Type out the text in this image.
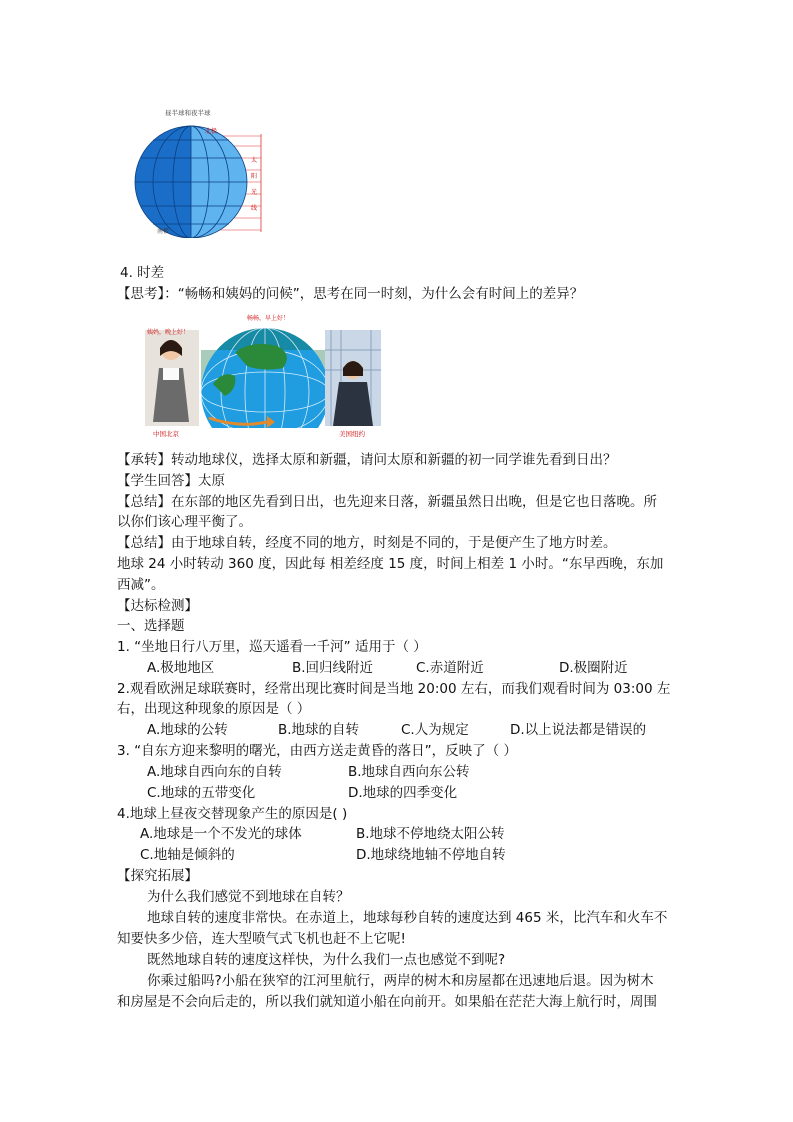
昼半球和夜半球
北极
南极
太
阳
光
线
姨妈，晚上好！
中国北京
畅畅，早上好！
美国纽约
4. 时差
【思考】：“畅畅和姨妈的问候”，思考在同一时刻，为什么会有时间上的差异？
【承转】转动地球仪，选择太原和新疆，请问太原和新疆的初一同学谁先看到日出？
【学生回答】太原
【总结】在东部的地区先看到日出，也先迎来日落，新疆虽然日出晚，但是它也日落晚。所
以你们该心理平衡了。
【总结】由于地球自转，经度不同的地方，时刻是不同的，于是便产生了地方时差。
地球 24 小时转动 360 度，因此每 相差经度 15 度，时间上相差 1 小时。“东早西晚，东加
西减”。
【达标检测】
一、选择题
1. “坐地日行八万里，巡天遥看一千河” 适用于（ ）
A.极地地区	B.回归线附近	C.赤道附近	D.极圈附近
2.观看欧洲足球联赛时，经常出现比赛时间是当地 20:00 左右，而我们观看时间为 03:00 左
右，出现这种现象的原因是（ ）
A.地球的公转	B.地球的自转	C.人为规定	D.以上说法都是错误的
3. “自东方迎来黎明的曙光，由西方送走黄昏的落日”，反映了（ ）
A.地球自西向东的自转	B.地球自西向东公转
C.地球的五带变化	D.地球的四季变化
4.地球上昼夜交替现象产生的原因是( )
A.地球是一个不发光的球体	B.地球不停地绕太阳公转
C.地轴是倾斜的	D.地球绕地轴不停地自转
【探究拓展】
为什么我们感觉不到地球在自转？
地球自转的速度非常快。在赤道上，地球每秒自转的速度达到 465 米，比汽车和火车不
知要快多少倍，连大型喷气式飞机也赶不上它呢!
既然地球自转的速度这样快，为什么我们一点也感觉不到呢?
你乘过船吗?小船在狭窄的江河里航行，两岸的树木和房屋都在迅速地后退。因为树木
和房屋是不会向后走的，所以我们就知道小船在向前开。如果船在茫茫大海上航行时，周围
